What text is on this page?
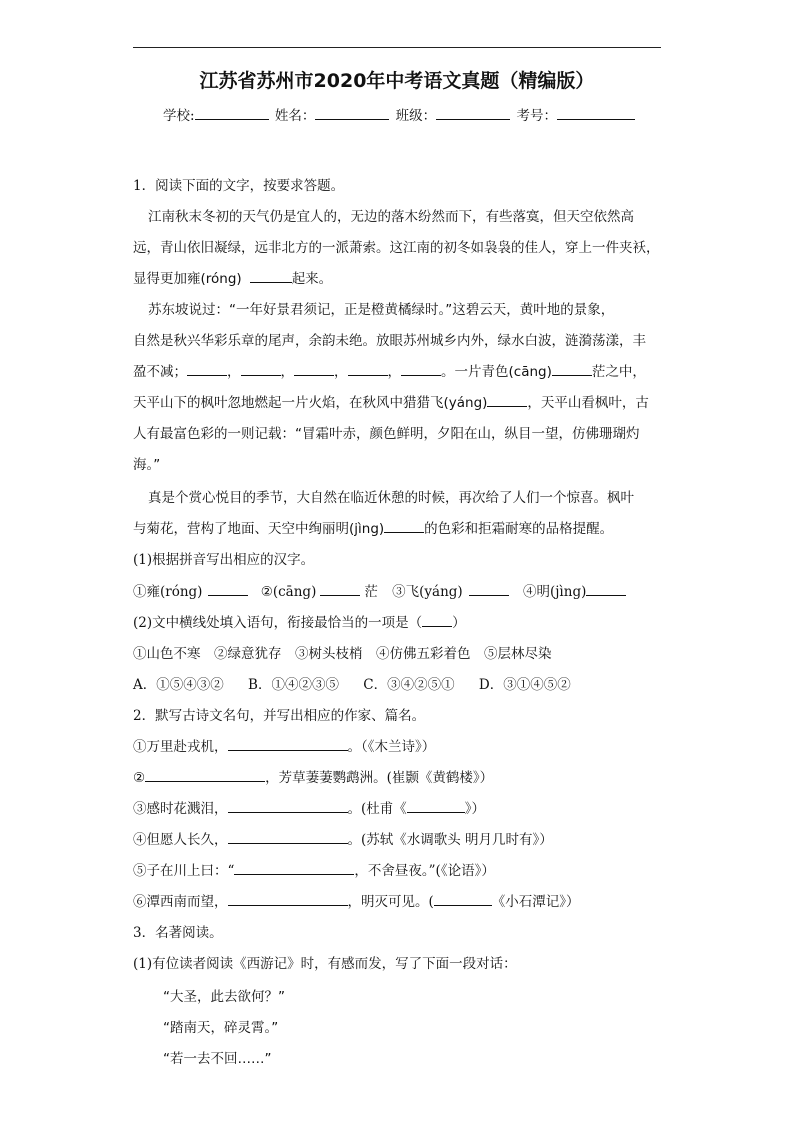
江苏省苏州市2020年中考语文真题（精编版）
学校:	姓名：	班级：	考号：
1．阅读下面的文字，按要求答题。
江南秋末冬初的天气仍是宜人的，无边的落木纷然而下，有些落寞，但天空依然高
远，青山依旧凝绿，远非北方的一派萧索。这江南的初冬如袅袅的佳人，穿上一件夹袄，
显得更加雍(róng)	起来。
苏东坡说过：“一年好景君须记，正是橙黄橘绿时。”这碧云天，黄叶地的景象，
自然是秋兴华彩乐章的尾声，余韵未绝。放眼苏州城乡内外，绿水白波，涟漪荡漾，丰
盈不减；	，	，	，	，	。一片青色(cāng)	茫之中，
天平山下的枫叶忽地燃起一片火焰，在秋风中猎猎飞(yáng)	，天平山看枫叶，古
人有最富色彩的一则记载：“冒霜叶赤，颜色鲜明，夕阳在山，纵目一望，仿佛珊瑚灼
海。”
真是个赏心悦目的季节，大自然在临近休憩的时候，再次给了人们一个惊喜。枫叶
与菊花，营构了地面、天空中绚丽明(jìng)	的色彩和拒霜耐寒的品格提醒。
(1)根据拼音写出相应的汉字。
①雍(róng)	②(cāng)	茫 ③飞(yáng)	④明(jìng)
(2)文中横线处填入语句，衔接最恰当的一项是（ ）
①山色不寒　②绿意犹存　③树头枝梢　④仿佛五彩着色　⑤层林尽染
A．①⑤④③② B．①④②③⑤ C．③④②⑤① D．③①④⑤②
2．默写古诗文名句，并写出相应的作家、篇名。
①万里赴戎机，	。（《木兰诗》）
②	，芳草萋萋鹦鹉洲。(崔颢《黄鹤楼》）
③感时花溅泪，	。(杜甫《	》）
④但愿人长久，	。(苏轼《水调歌头 明月几时有》）
⑤子在川上曰：“	，不舍昼夜。”(《论语》）
⑥潭西南而望，	，明灭可见。(	《小石潭记》）
3．名著阅读。
(1)有位读者阅读《西游记》时，有感而发，写了下面一段对话：
“大圣，此去欲何？”
“踏南天，碎灵霄。”
“若一去不回……”
